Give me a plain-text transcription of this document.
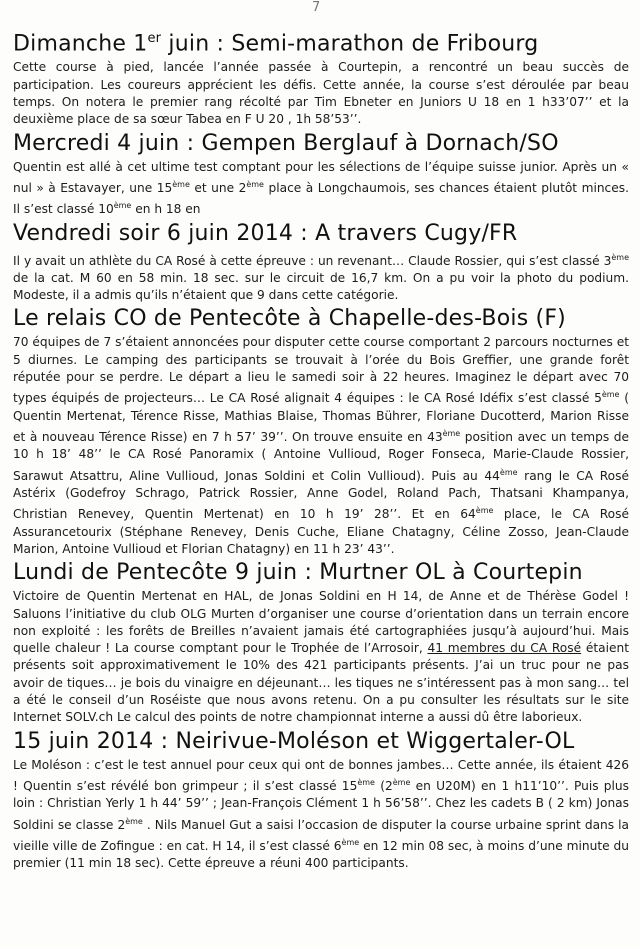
7
Dimanche 1er juin : Semi-marathon de Fribourg

Cette course à pied, lancée l’année passée à Courtepin, a rencontré un beau succès de participation. Les coureurs apprécient les défis. Cette année, la course s’est déroulée par beau temps. On notera le premier rang récolté par Tim Ebneter en Juniors U 18 en 1 h33’07’’ et la deuxième place de sa sœur Tabea en F U 20 , 1h 58’53’’.

Mercredi 4 juin : Gempen Berglauf à Dornach/SO

Quentin est allé à cet ultime test comptant pour les sélections de l’équipe suisse junior. Après un « nul » à Estavayer, une 15ème et une 2ème place à Longchaumois, ses chances étaient plutôt minces. Il s’est classé 10ème en h 18 en

Vendredi soir 6 juin 2014 : A travers Cugy/FR

Il y avait un athlète du CA Rosé à cette épreuve : un revenant… Claude Rossier, qui s’est classé 3ème de la cat. M 60 en 58 min. 18 sec. sur le circuit de 16,7 km. On a pu voir la photo du podium. Modeste, il a admis qu’ils n’étaient que 9 dans cette catégorie.

Le relais CO de Pentecôte à Chapelle-des-Bois (F)

70 équipes de 7 s’étaient annoncées pour disputer cette course comportant 2 parcours nocturnes et 5 diurnes. Le camping des participants se trouvait à l’orée du Bois Greffier, une grande forêt réputée pour se perdre. Le départ a lieu le samedi soir à 22 heures. Imaginez le départ avec 70 types équipés de projecteurs… Le CA Rosé alignait 4 équipes : le CA Rosé Idéfix s’est classé 5ème ( Quentin Mertenat, Térence Risse, Mathias Blaise, Thomas Bührer, Floriane Ducotterd, Marion Risse et à nouveau Térence Risse) en 7 h 57’ 39’’. On trouve ensuite en 43ème position avec un temps de 10 h 18’ 48’’ le CA Rosé Panoramix ( Antoine Vullioud, Roger Fonseca, Marie-Claude Rossier, Sarawut Atsattru, Aline Vullioud, Jonas Soldini et Colin Vullioud). Puis au 44ème rang le CA Rosé Astérix (Godefroy Schrago, Patrick Rossier, Anne Godel, Roland Pach, Thatsani Khampanya, Christian Renevey, Quentin Mertenat) en 10 h 19’ 28’’. Et en 64ème place, le CA Rosé Assurancetourix (Stéphane Renevey, Denis Cuche, Eliane Chatagny, Céline Zosso, Jean-Claude Marion, Antoine Vullioud et Florian Chatagny) en 11 h 23’ 43’’.

Lundi de Pentecôte 9 juin : Murtner OL à Courtepin

Victoire de Quentin Mertenat en HAL, de Jonas Soldini en H 14, de Anne et de Thérèse Godel ! Saluons l’initiative du club OLG Murten d’organiser une course d’orientation dans un terrain encore non exploité : les forêts de Breilles n’avaient jamais été cartographiées jusqu’à aujourd’hui. Mais quelle chaleur ! La course comptant pour le Trophée de l’Arrosoir, 41 membres du CA Rosé étaient présents soit approximativement le 10% des 421 participants présents. J’ai un truc pour ne pas avoir de tiques… je bois du vinaigre en déjeunant… les tiques ne s’intéressent pas à mon sang… tel a été le conseil d’un Roséiste que nous avons retenu. On a pu consulter les résultats sur le site Internet SOLV.ch Le calcul des points de notre championnat interne a aussi dû être laborieux.

15 juin 2014 : Neirivue-Moléson et Wiggertaler-OL

Le Moléson : c’est le test annuel pour ceux qui ont de bonnes jambes… Cette année, ils étaient 426 ! Quentin s’est révélé bon grimpeur ; il s’est classé 15ème (2ème en U20M) en 1 h11’10’’. Puis plus loin : Christian Yerly 1 h 44’ 59’’ ; Jean-François Clément 1 h 56’58’’. Chez les cadets B ( 2 km) Jonas Soldini se classe 2ème . Nils Manuel Gut a saisi l’occasion de disputer la course urbaine sprint dans la vieille ville de Zofingue : en cat. H 14, il s’est classé 6ème en 12 min 08 sec, à moins d’une minute du premier (11 min 18 sec). Cette épreuve a réuni 400 participants.
